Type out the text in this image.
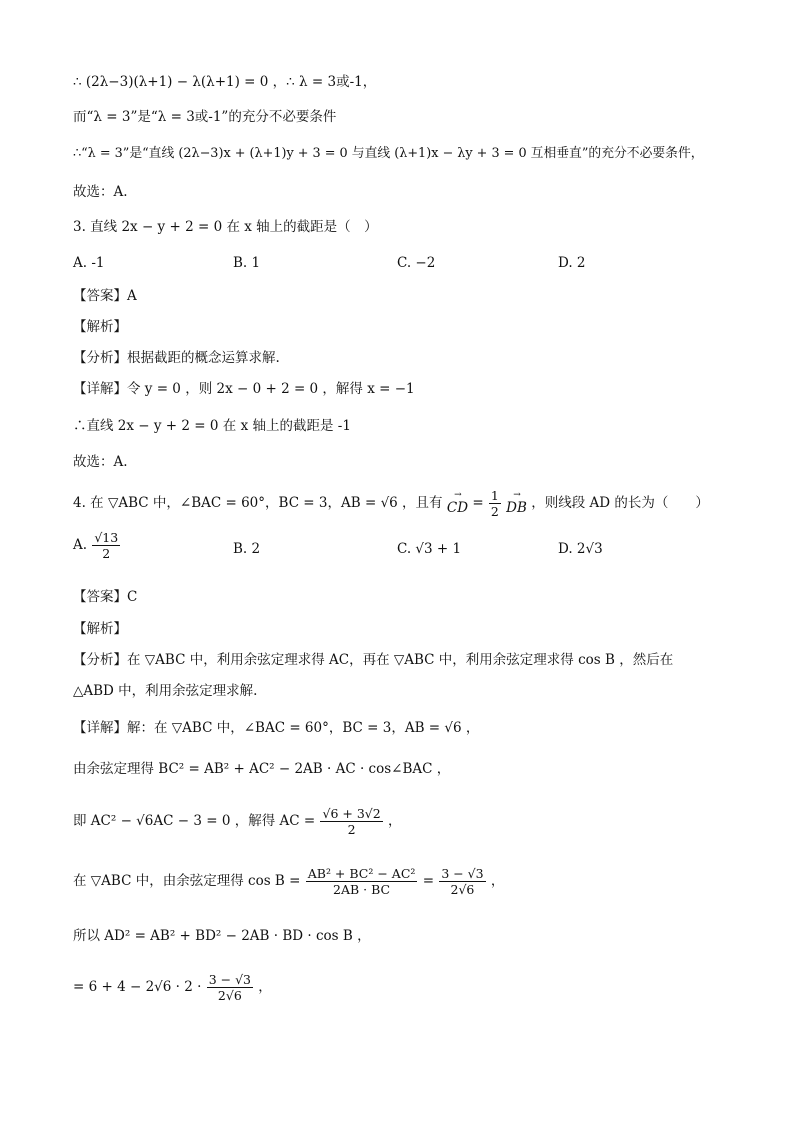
∴ (2λ−3)(λ+1) − λ(λ+1) = 0 ，∴ λ = 3或-1，
而“λ = 3”是“λ = 3或-1”的充分不必要条件
∴“λ = 3”是“直线 (2λ−3)x + (λ+1)y + 3 = 0 与直线 (λ+1)x − λy + 3 = 0 互相垂直”的充分不必要条件，
故选：A.
3. 直线 2x − y + 2 = 0 在 x 轴上的截距是（　）
A. -1	B. 1	C. −2	D. 2
【答案】A
【解析】
【分析】根据截距的概念运算求解.
【详解】令 y = 0 ，则 2x − 0 + 2 = 0 ，解得 x = −1
∴直线 2x − y + 2 = 0 在 x 轴上的截距是 -1
故选：A.
4. 在 ▽ABC 中，∠BAC = 60°，BC = 3，AB = √6 ，且有
→
CD = $\frac{1}{2}$
	→
DB ，则线段 AD 的长为（　　）
A. $\frac{√13}{2}$	B. 2	C. √3 + 1	D. 2√3
【答案】C
【解析】
【分析】在 ▽ABC 中，利用余弦定理求得 AC，再在 ▽ABC 中，利用余弦定理求得 cos B ，然后在
△ABD 中，利用余弦定理求解.
【详解】解：在 ▽ABC 中，∠BAC = 60°，BC = 3，AB = √6 ，
由余弦定理得 BC² = AB² + AC² − 2AB · AC · cos∠BAC ，
即 AC² − √6AC − 3 = 0 ，解得 AC = $\frac{√6 + 3√2}{2}$ ，
在 ▽ABC 中，由余弦定理得 $\cos B = \frac{\text{AB² + BC² − AC²}}{2AB \cdot BC} = \frac{3 - √3}{2√6}$ ，
所以 AD² = AB² + BD² − 2AB · BD · cos B ，
= $6 + 4 - 2√6 \cdot 2 \cdot \frac{3 - √3}{2√6}$ ，
